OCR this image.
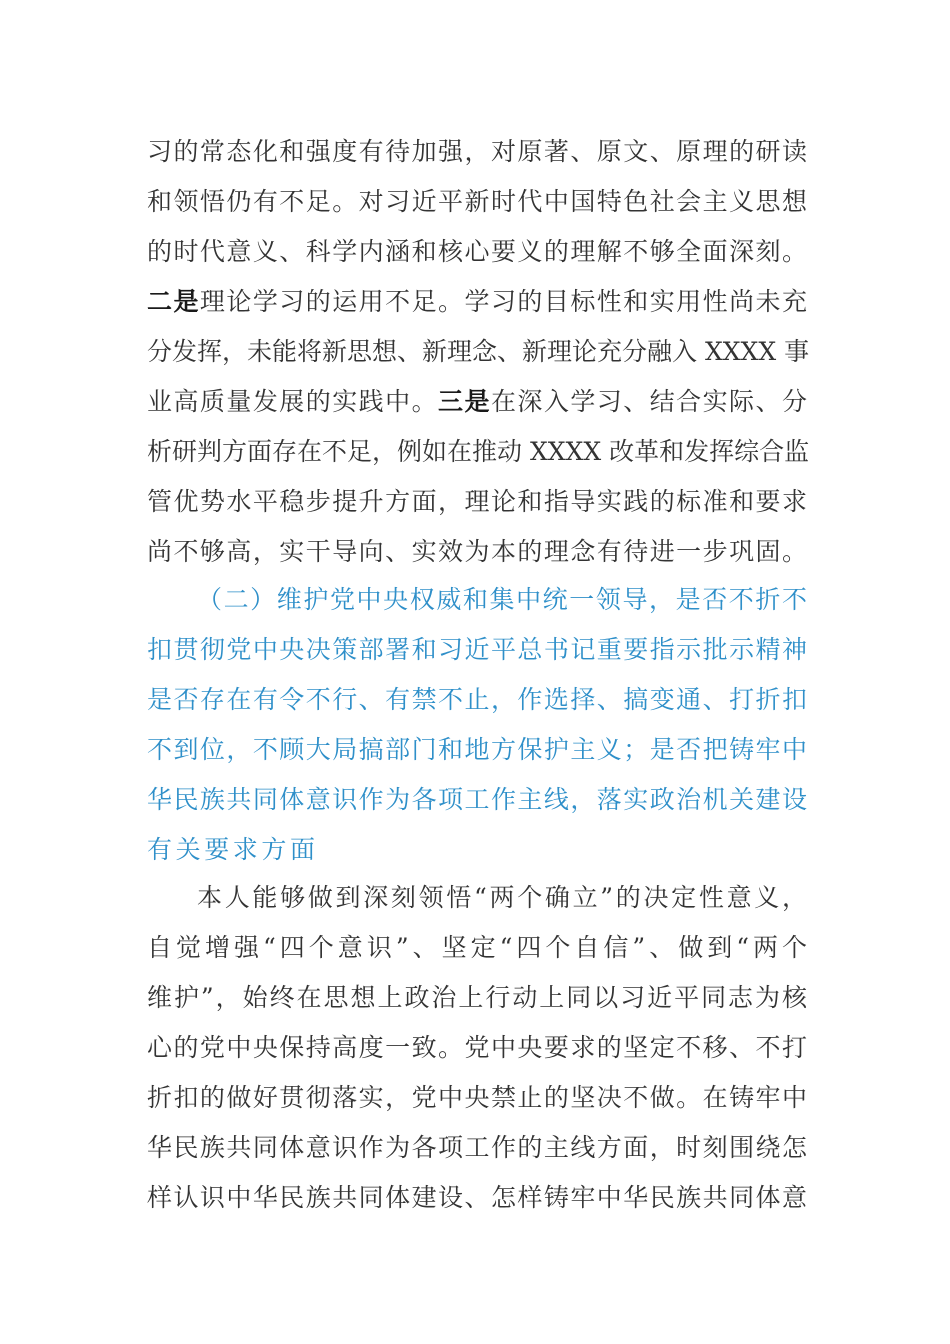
习的常态化和强度有待加强，对原著、原文、原理的研读
和领悟仍有不足。对习近平新时代中国特色社会主义思想
的时代意义、科学内涵和核心要义的理解不够全面深刻。
二是理论学习的运用不足。学习的目标性和实用性尚未充
分发挥，未能将新思想、新理念、新理论充分融入 XXXX 事
业高质量发展的实践中。三是在深入学习、结合实际、分
析研判方面存在不足，例如在推动 XXXX 改革和发挥综合监
管优势水平稳步提升方面，理论和指导实践的标准和要求
尚不够高，实干导向、实效为本的理念有待进一步巩固。
（二）维护党中央权威和集中统一领导，是否不折不
扣贯彻党中央决策部署和习近平总书记重要指示批示精神
是否存在有令不行、有禁不止，作选择、搞变通、打折扣
不到位，不顾大局搞部门和地方保护主义；是否把铸牢中
华民族共同体意识作为各项工作主线，落实政治机关建设
有关要求方面
本人能够做到深刻领悟“两个确立”的决定性意义，
自觉增强“四个意识”、坚定“四个自信”、做到“两个
维护”，始终在思想上政治上行动上同以习近平同志为核
心的党中央保持高度一致。党中央要求的坚定不移、不打
折扣的做好贯彻落实，党中央禁止的坚决不做。在铸牢中
华民族共同体意识作为各项工作的主线方面，时刻围绕怎
样认识中华民族共同体建设、怎样铸牢中华民族共同体意
